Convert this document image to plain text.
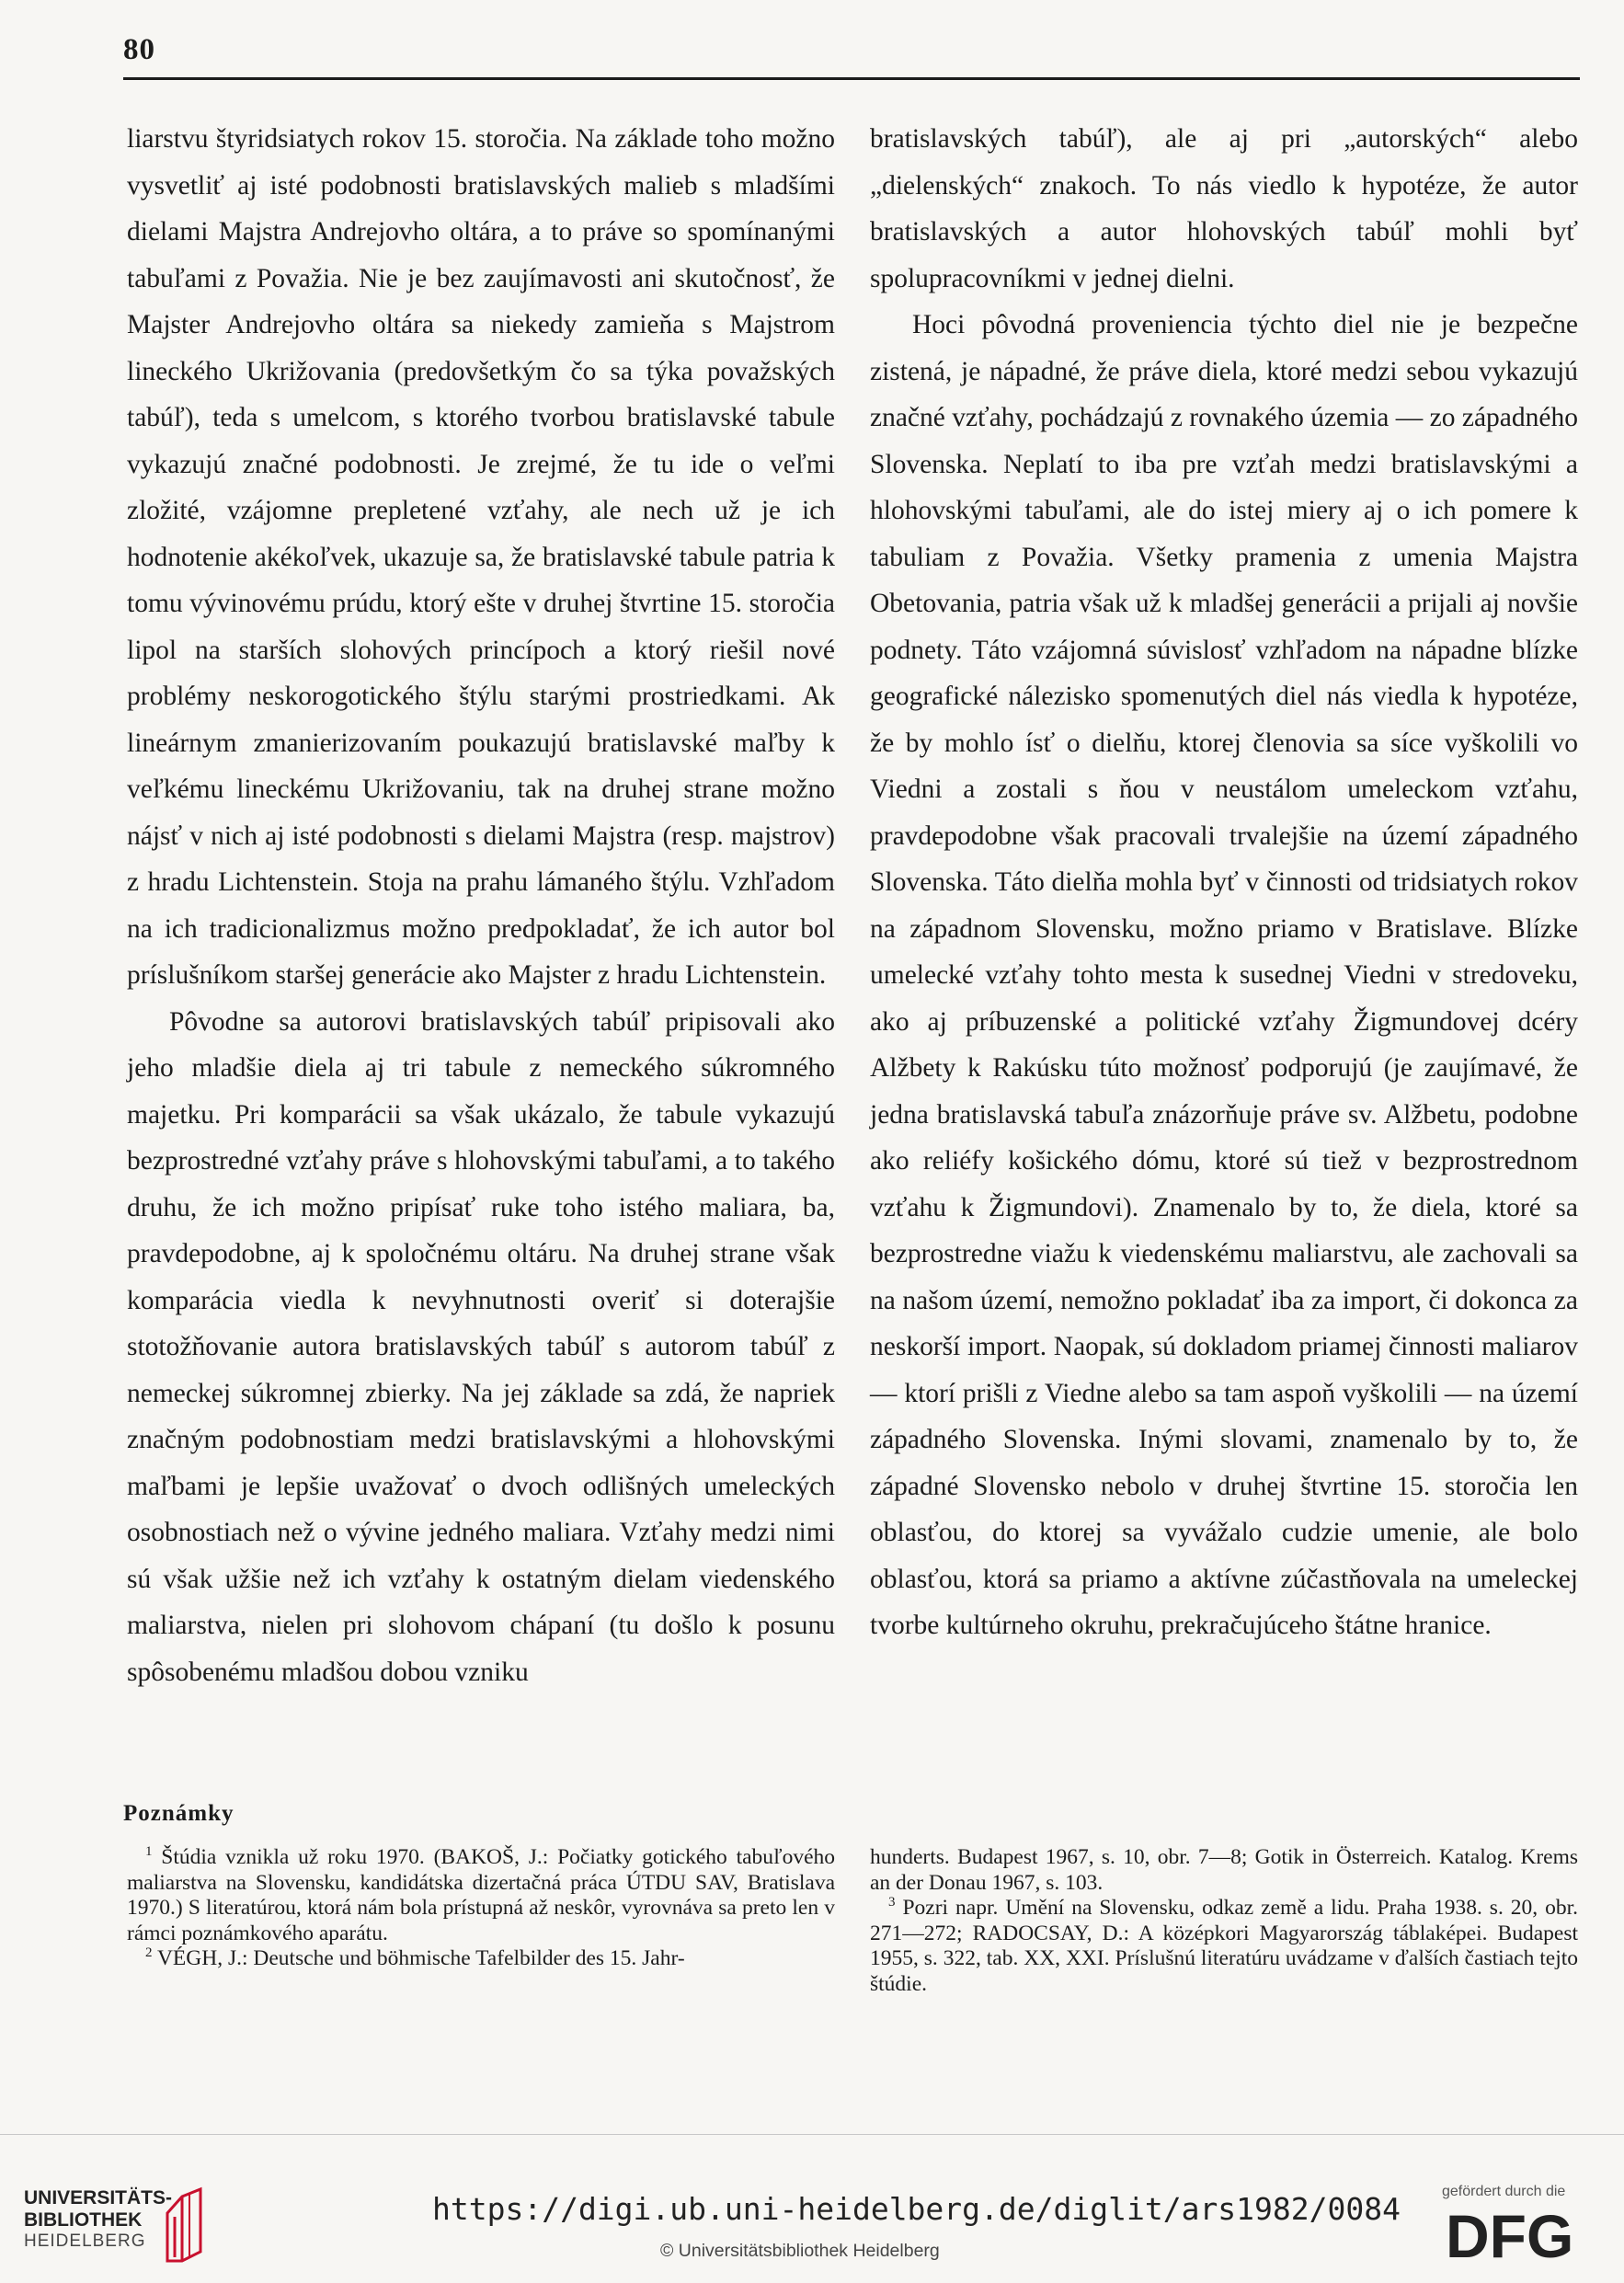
80

liarstvu štyridsiatych rokov 15. storočia. Na základe toho možno vysvetliť aj isté podobnosti bratislavských malieb s mladšími dielami Majstra Andrejovho oltára, a to práve so spomínanými tabuľami z Považia. Nie je bez zaujímavosti ani skutočnosť, že Majster Andrejovho oltára sa niekedy zamieňa s Majstrom lineckého Ukrižovania (predovšetkým čo sa týka považských tabúľ), teda s umelcom, s ktorého tvorbou bratislavské tabule vykazujú značné podobnosti. Je zrejmé, že tu ide o veľmi zložité, vzájomne prepletené vzťahy, ale nech už je ich hodnotenie akékoľvek, ukazuje sa, že bratislavské tabule patria k tomu vývinovému prúdu, ktorý ešte v druhej štvrtine 15. storočia lipol na starších slohových princípoch a ktorý riešil nové problémy neskorogotického štýlu starými prostriedkami. Ak lineárnym zmanierizovaním poukazujú bratislavské maľby k veľkému lineckému Ukrižovaniu, tak na druhej strane možno nájsť v nich aj isté podobnosti s dielami Majstra (resp. majstrov) z hradu Lichtenstein. Stoja na prahu lámaného štýlu. Vzhľadom na ich tradicionalizmus možno predpokladať, že ich autor bol príslušníkom staršej generácie ako Majster z hradu Lichtenstein.

Pôvodne sa autorovi bratislavských tabúľ pripisovali ako jeho mladšie diela aj tri tabule z nemeckého súkromného majetku. Pri komparácii sa však ukázalo, že tabule vykazujú bezprostredné vzťahy práve s hlohovskými tabuľami, a to takého druhu, že ich možno pripísať ruke toho istého maliara, ba, pravdepodobne, aj k spoločnému oltáru. Na druhej strane však komparácia viedla k nevyhnutnosti overiť si doterajšie stotožňovanie autora bratislavských tabúľ s autorom tabúľ z nemeckej súkromnej zbierky. Na jej základe sa zdá, že napriek značným podobnostiam medzi bratislavskými a hlohovskými maľbami je lepšie uvažovať o dvoch odlišných umeleckých osobnostiach než o vývine jedného maliara. Vzťahy medzi nimi sú však užšie než ich vzťahy k ostatným dielam viedenského maliarstva, nielen pri slohovom chápaní (tu došlo k posunu spôsobenému mladšou dobou vzniku

bratislavských tabúľ), ale aj pri „autorských“ alebo „dielenských“ znakoch. To nás viedlo k hypotéze, že autor bratislavských a autor hlohovských tabúľ mohli byť spolupracovníkmi v jednej dielni.

Hoci pôvodná proveniencia týchto diel nie je bezpečne zistená, je nápadné, že práve diela, ktoré medzi sebou vykazujú značné vzťahy, pochádzajú z rovnakého územia — zo západného Slovenska. Neplatí to iba pre vzťah medzi bratislavskými a hlohovskými tabuľami, ale do istej miery aj o ich pomere k tabuliam z Považia. Všetky pramenia z umenia Majstra Obetovania, patria však už k mladšej generácii a prijali aj novšie podnety. Táto vzájomná súvislosť vzhľadom na nápadne blízke geografické nálezisko spomenutých diel nás viedla k hypotéze, že by mohlo ísť o dielňu, ktorej členovia sa síce vyškolili vo Viedni a zostali s ňou v neustálom umeleckom vzťahu, pravdepodobne však pracovali trvalejšie na území západného Slovenska. Táto dielňa mohla byť v činnosti od tridsiatych rokov na západnom Slovensku, možno priamo v Bratislave. Blízke umelecké vzťahy tohto mesta k susednej Viedni v stredoveku, ako aj príbuzenské a politické vzťahy Žigmundovej dcéry Alžbety k Rakúsku túto možnosť podporujú (je zaujímavé, že jedna bratislavská tabuľa znázorňuje práve sv. Alžbetu, podobne ako reliéfy košického dómu, ktoré sú tiež v bezprostrednom vzťahu k Žigmundovi). Znamenalo by to, že diela, ktoré sa bezprostredne viažu k viedenskému maliarstvu, ale zachovali sa na našom území, nemožno pokladať iba za import, či dokonca za neskorší import. Naopak, sú dokladom priamej činnosti maliarov — ktorí prišli z Viedne alebo sa tam aspoň vyškolili — na území západného Slovenska. Inými slovami, znamenalo by to, že západné Slovensko nebolo v druhej štvrtine 15. storočia len oblasťou, do ktorej sa vyvážalo cudzie umenie, ale bolo oblasťou, ktorá sa priamo a aktívne zúčastňovala na umeleckej tvorbe kultúrneho okruhu, prekračujúceho štátne hranice.

Poznámky

$^1$ Štúdia vznikla už roku 1970. (BAKOŠ, J.: Počiatky gotického tabuľového maliarstva na Slovensku, kandidátska dizertačná práca ÚTDU SAV, Bratislava 1970.) S literatúrou, ktorá nám bola prístupná až neskôr, vyrovnáva sa preto len v rámci poznámkového aparátu.

$^2$ VÉGH, J.: Deutsche und böhmische Tafelbilder des 15. Jahr-

hunderts. Budapest 1967, s. 10, obr. 7—8; Gotik in Österreich. Katalog. Krems an der Donau 1967, s. 103.

$^3$ Pozri napr. Umění na Slovensku, odkaz země a lidu. Praha 1938. s. 20, obr. 271—272; RADOCSAY, D.: A középkori Magyarország táblaképei. Budapest 1955, s. 322, tab. XX, XXI. Príslušnú literatúru uvádzame v ďalších častiach tejto štúdie.

UNIVERSITÄTS-
BIBLIOTHEK
HEIDELBERG
https://digi.ub.uni-heidelberg.de/diglit/ars1982/0084
© Universitätsbibliothek Heidelberg
gefördert durch die
DFG
